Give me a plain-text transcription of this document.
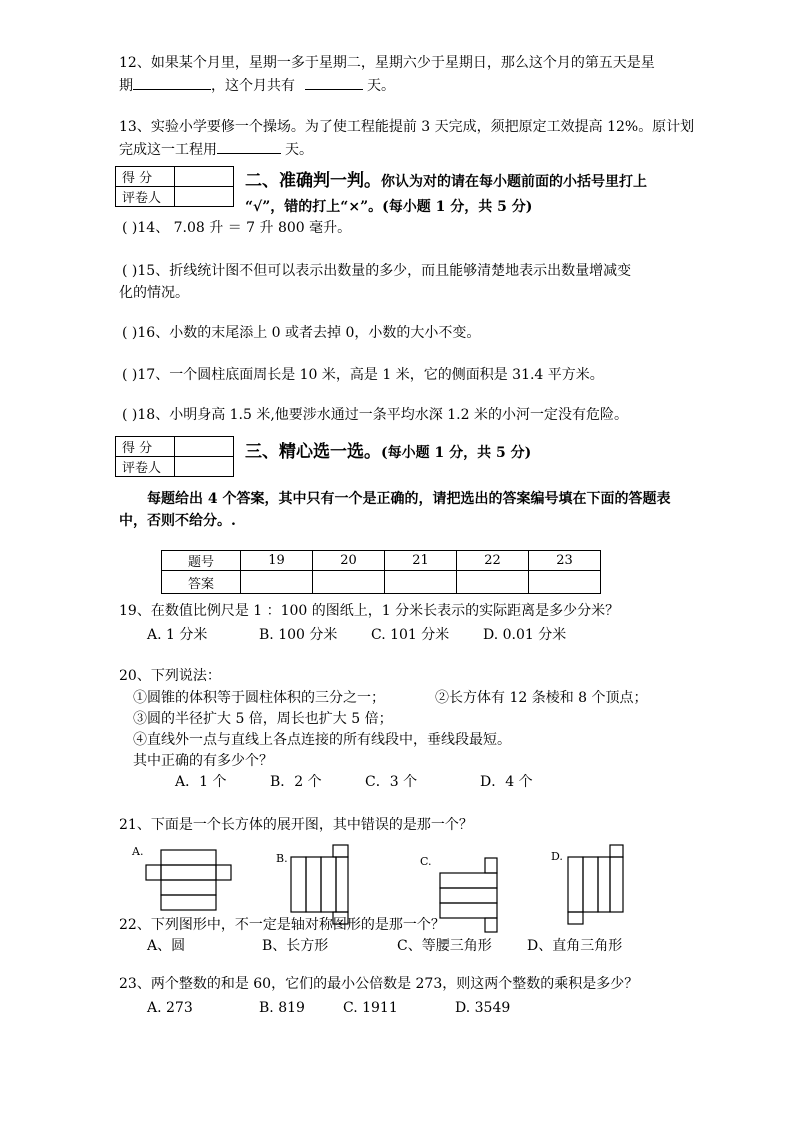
12、如果某个月里，星期一多于星期二，星期六少于星期日，那么这个月的第五天是星
期	，这个月共有	天。
13、实验小学要修一个操场。为了使工程能提前 3 天完成，须把原定工效提高 12%。原计划
完成这一工程用	天。
得 分	
评卷人	
二、准确判一判。你认为对的请在每小题前面的小括号里打上
“√”，错的打上“×”。(每小题 1 分，共 5 分)
( )14、 7.08 升 ＝ 7 升 800 毫升。
( )15、折线统计图不但可以表示出数量的多少，而且能够清楚地表示出数量增减变
化的情况。
( )16、小数的末尾添上 0 或者去掉 0，小数的大小不变。
( )17、一个圆柱底面周长是 10 米，高是 1 米，它的侧面积是 31.4 平方米。
( )18、小明身高 1.5 米,他要涉水通过一条平均水深 1.2 米的小河一定没有危险。
得 分	
评卷人	
三、精心选一选。(每小题 1 分，共 5 分)
每题给出 4 个答案，其中只有一个是正确的，请把选出的答案编号填在下面的答题表
中，否则不给分。.
题号	19	20	21	22	23
答案					
19、在数值比例尺是 1 ：100 的图纸上，1 分米长表示的实际距离是多少分米？
A. 1 分米	B. 100 分米 C. 101 分米 D. 0.01 分米
20、下列说法：
①圆锥的体积等于圆柱体积的三分之一；	②长方体有 12 条棱和 8 个顶点；
③圆的半径扩大 5 倍，周长也扩大 5 倍；
④直线外一点与直线上各点连接的所有线段中，垂线段最短。
其中正确的有多少个？
A．1 个	B．2 个	C．3 个	D．4 个
21、下面是一个长方体的展开图，其中错误的是那一个？
A.
B.	C.	D.
22、下列图形中，不一定是轴对称图形的是那一个？
A、圆	B、长方形	C、等腰三角形	D、直角三角形
23、两个整数的和是 60，它们的最小公倍数是 273，则这两个整数的乘积是多少？
A. 273	B. 819	C. 1911	D. 3549
